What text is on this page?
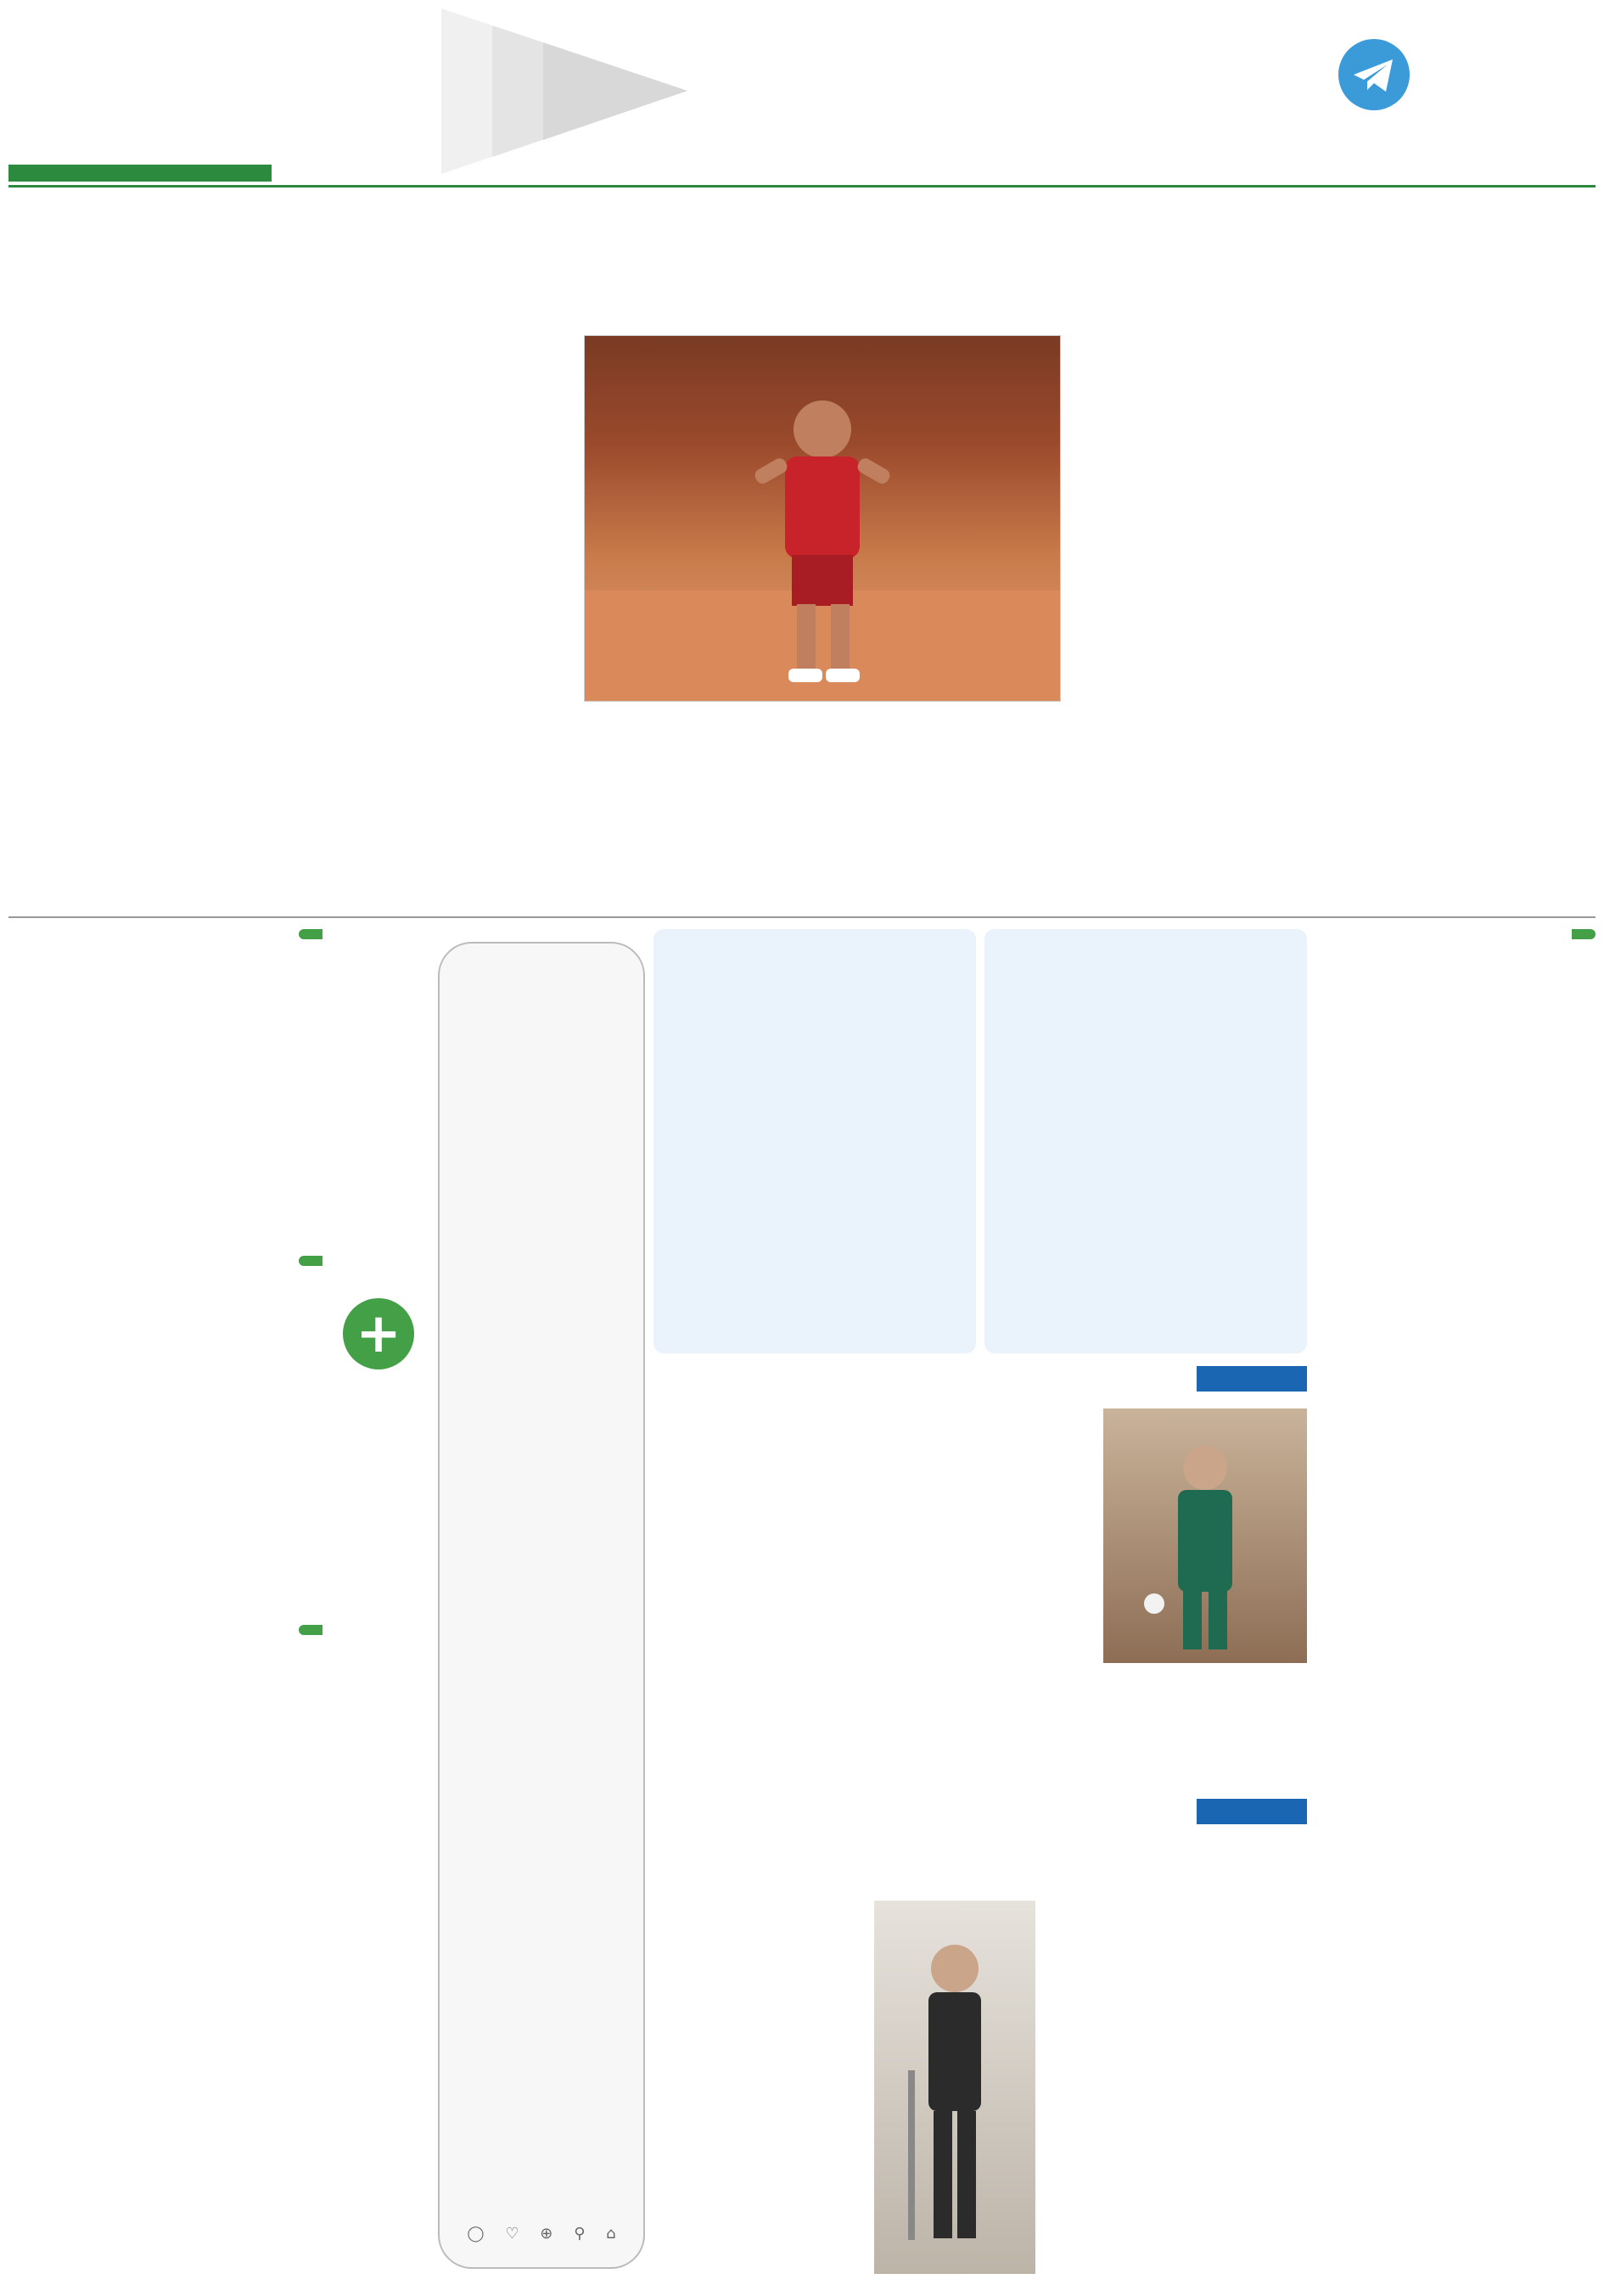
⌂
⚲
⊕
♡
◯
+
